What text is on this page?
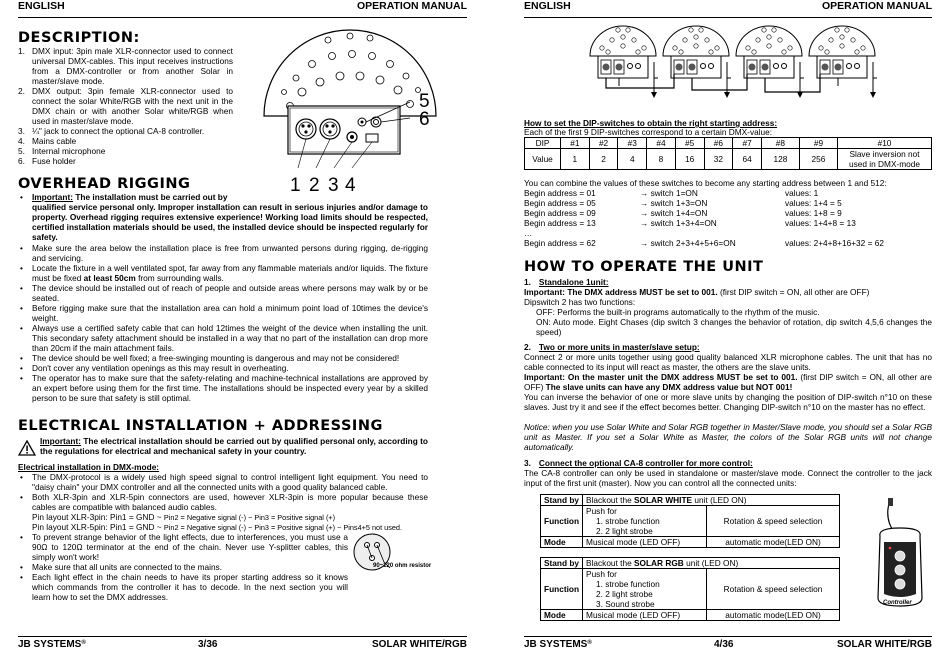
ENGLISH	OPERATION MANUAL
DESCRIPTION:
1. DMX input: 3pin male XLR-connector used to connect universal DMX-cables. This input receives instructions from a DMX-controller or from another Solar in master/slave mode.
2. DMX output: 3pin female XLR-connector used to connect the solar White/RGB with the next unit in the DMX chain or with another Solar white/RGB when used in master/slave mode.
3. ¼" jack to connect the optional CA-8 controller.
4. Mains cable
5. Internal microphone
6. Fuse holder
5
6
1 2 3 4
OVERHEAD RIGGING
• Important: The installation must be carried out by
qualified service personal only. Improper installation can result in serious injuries and/or damage to property. Overhead rigging requires extensive experience! Working load limits should be respected, certified installation materials should be used, the installed device should be inspected regularly for safety.
• Make sure the area below the installation place is free from unwanted persons during rigging, de-rigging and servicing.
• Locate the fixture in a well ventilated spot, far away from any flammable materials and/or liquids. The fixture must be fixed at least 50cm from surrounding walls.
• The device should be installed out of reach of people and outside areas where persons may walk by or be seated.
• Before rigging make sure that the installation area can hold a minimum point load of 10times the device's weight.
• Always use a certified safety cable that can hold 12times the weight of the device when installing the unit. This secondary safety attachment should be installed in a way that no part of the installation can drop more than 20cm if the main attachment fails.
• The device should be well fixed; a free-swinging mounting is dangerous and may not be considered!
• Don't cover any ventilation openings as this may result in overheating.
• The operator has to make sure that the safety-relating and machine-technical installations are approved by an expert before using them for the first time. The installations should be inspected every year by a skilled person to be sure that safety is still optimal.
ELECTRICAL INSTALLATION + ADDRESSING
Important: The electrical installation should be carried out by qualified personal only, according to the regulations for electrical and mechanical safety in your country.
Electrical installation in DMX-mode:
• The DMX-protocol is a widely used high speed signal to control intelligent light equipment. You need to "daisy chain" your DMX controller and all the connected units with a good quality balanced cable.
• Both XLR-3pin and XLR-5pin connectors are used, however XLR-3pin is more popular because these cables are compatible with balanced audio cables.
Pin layout XLR-3pin: Pin1 = GND ~ Pin2 = Negative signal (-) ~ Pin3 = Positive signal (+)
Pin layout XLR-5pin: Pin1 = GND ~ Pin2 = Negative signal (-) ~ Pin3 = Positive signal (+) ~ Pins4+5 not used.
• To prevent strange behavior of the light effects, due to interferences, you must use a 90Ω to 120Ω terminator at the end of the chain. Never use Y-splitter cables, this simply won't work!
• Make sure that all units are connected to the mains.
• Each light effect in the chain needs to have its proper starting address so it knows which commands from the controller it has to decode. In the next section you will learn how to set the DMX addresses.
90~120 ohm resistor
JB SYSTEMS®	3/36	SOLAR WHITE/RGB
ENGLISH	OPERATION MANUAL
How to set the DIP-switches to obtain the right starting address:
Each of the first 9 DIP-switches correspond to a certain DMX-value:
DIP	#1	#2	#3	#4	#5	#6	#7	#8	#9	#10
Value	1	2	4	8	16	32	64	128	256	Slave inversion not used in DMX-mode
You can combine the values of these switches to become any starting address between 1 and 512:
Begin address = 01	→ switch 1=ON	values: 1
Begin address = 05	→ switch 1+3=ON	values: 1+4 = 5
Begin address = 09	→ switch 1+4=ON	values: 1+8 = 9
Begin address = 13	→ switch 1+3+4=ON	values: 1+4+8 = 13
…
Begin address = 62	→ switch 2+3+4+5+6=ON	values: 2+4+8+16+32 = 62
HOW TO OPERATE THE UNIT
1. Standalone 1unit:
Important: The DMX address MUST be set to 001. (first DIP switch = ON, all other are OFF)
Dipswitch 2 has two functions:
OFF: Performs the built-in programs automatically to the rhythm of the music.
ON: Auto mode. Eight Chases (dip switch 3 changes the behavior of rotation, dip switch 4,5,6 changes the speed)
2. Two or more units in master/slave setup:
Connect 2 or more units together using good quality balanced XLR microphone cables. The unit that has no cable connected to its input will react as master, the others are the slave units.
Important: On the master unit the DMX address MUST be set to 001. (first DIP switch = ON, all other are OFF) The slave units can have any DMX address value but NOT 001!
You can inverse the behavior of one or more slave units by changing the position of DIP-switch n°10 on these slaves. Just try it and see if the effect becomes better. Changing DIP-switch n°10 on the master has no effect.
Notice: when you use Solar White and Solar RGB together in Master/Slave mode, you should set a Solar RGB unit as Master. If you set a Solar White as Master, the colors of the Solar RGB units will not change automatically.
3. Connect the optional CA-8 controller for more control:
The CA-8 controller can only be used in standalone or master/slave mode. Connect the controller to the jack input of the first unit (master). Now you can control all the connected units:
Stand by	Blackout the SOLAR WHITE unit (LED ON)	
Function	Push for
1. strobe function
2. 2 light strobe	Rotation & speed selection
Mode	Musical mode (LED OFF)	automatic mode(LED ON)
Stand by	Blackout the SOLAR RGB unit (LED ON)	
Function	Push for
1. strobe function
2. 2 light strobe
3. Sound strobe	Rotation & speed selection
Mode	Musical mode (LED OFF)	automatic mode(LED ON)
Controller
JB SYSTEMS®	4/36	SOLAR WHITE/RGB
